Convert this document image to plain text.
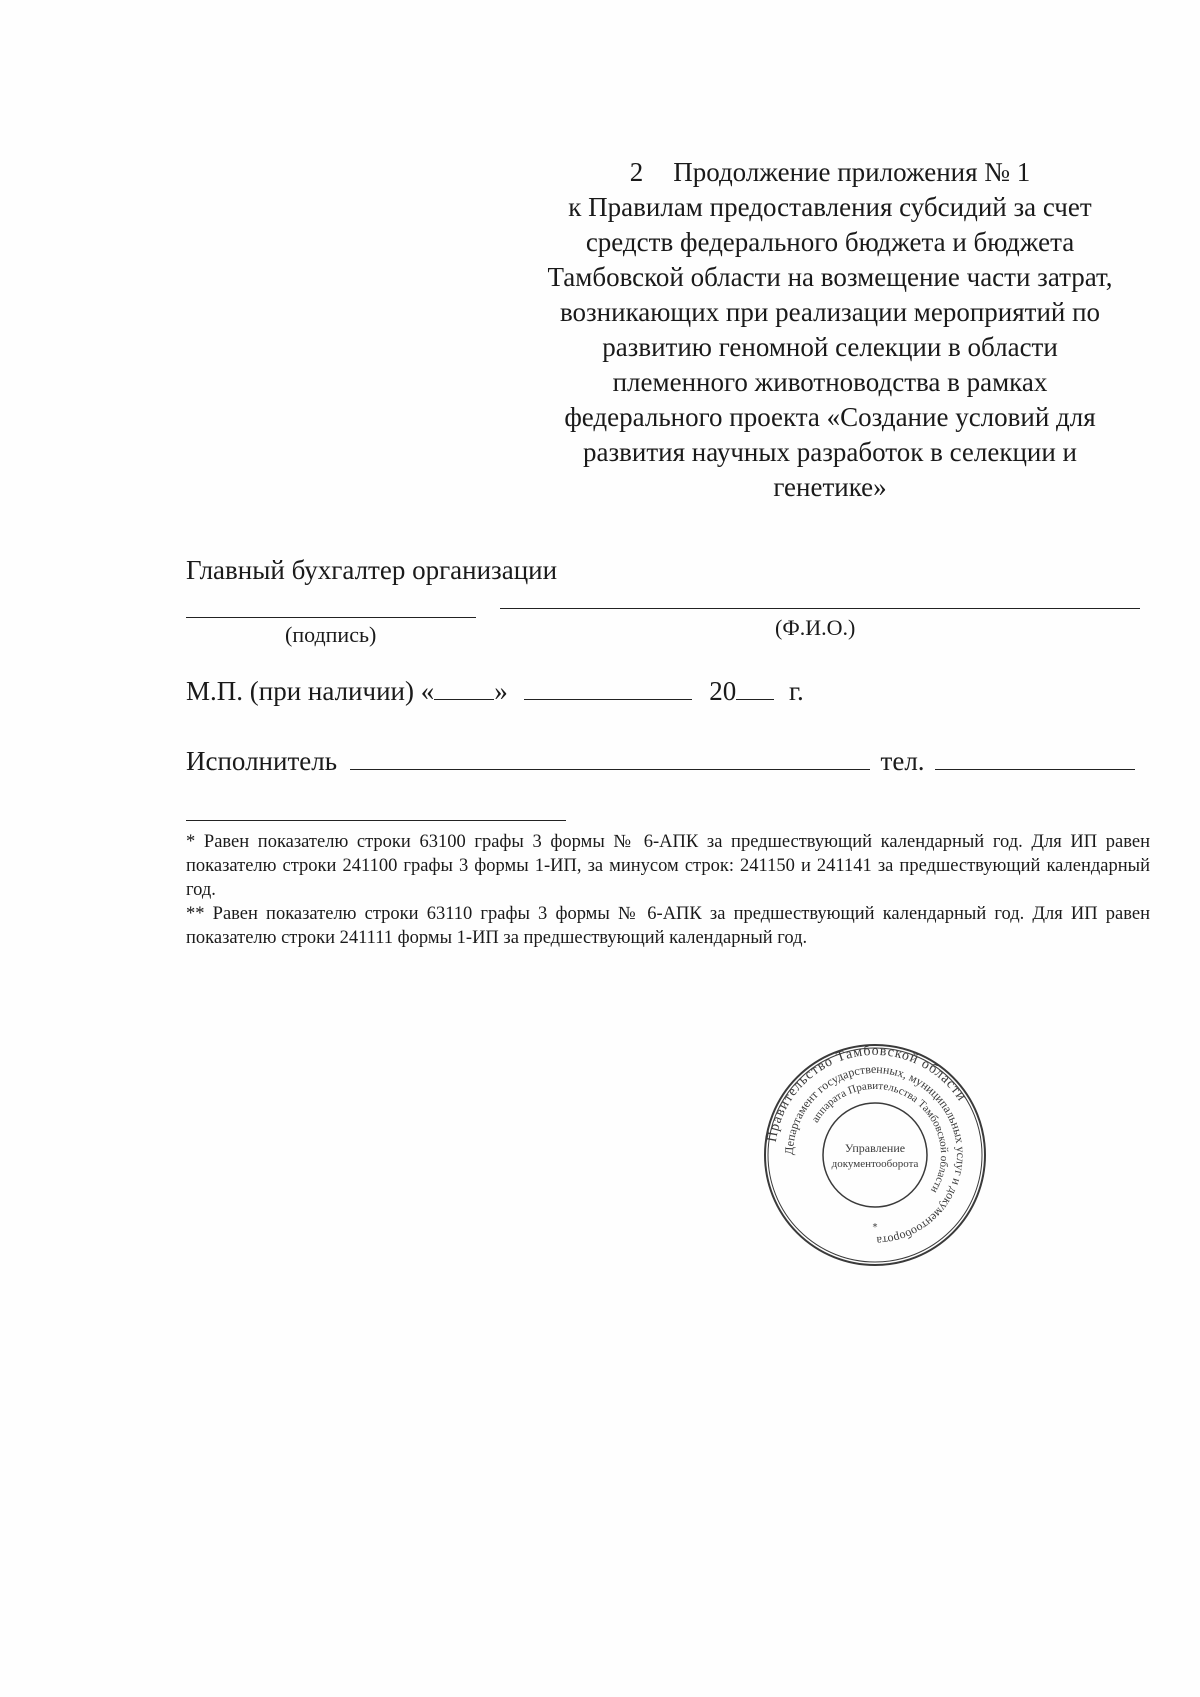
2 Продолжение приложения № 1
к Правилам предоставления субсидий за счет
средств федерального бюджета и бюджета
Тамбовской области на возмещение части затрат,
возникающих при реализации мероприятий по
развитию геномной селекции в области
племенного животноводства в рамках
федерального проекта «Создание условий для
развития научных разработок в селекции и
генетике»
Главный бухгалтер организации
(подпись)	(Ф.И.О.)
М.П. (при наличии) « »	20 г.
Исполнитель	тел.

* Равен показателю строки 63100 графы 3 формы № 6-АПК за предшествующий календарный год. Для ИП равен показателю строки 241100 графы 3 формы 1-ИП, за минусом строк: 241150 и 241141 за предшествующий календарный год.

** Равен показателю строки 63110 графы 3 формы № 6-АПК за предшествующий календарный год. Для ИП равен показателю строки 241111 формы 1-ИП за предшествующий календарный год.

Правительство Тамбовской области
Департамент государственных, муниципальных услуг и документооборота
аппарата Правительства Тамбовской области
Управление
документооборота
*
